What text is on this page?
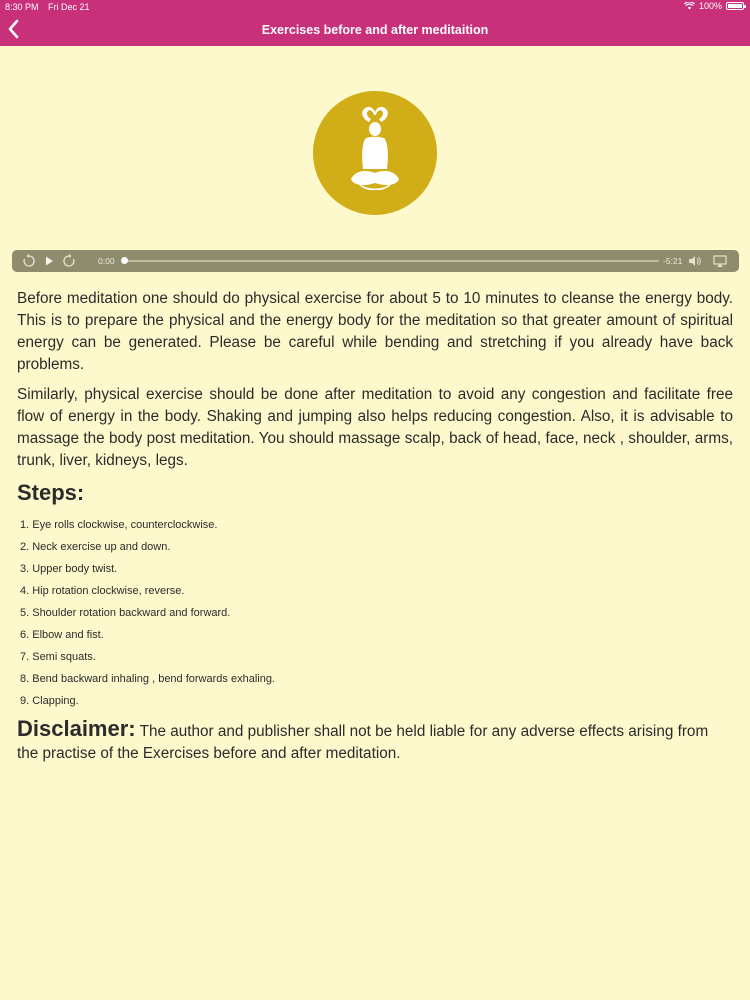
8:30 PM Fri Dec 21	100%
Exercises before and after meditaition
0:00	-5:21

Before meditation one should do physical exercise for about 5 to 10 minutes to cleanse the energy body. This is to prepare the physical and the energy body for the meditation so that greater amount of spiritual energy can be generated. Please be careful while bending and stretching if you already have back problems.

Similarly, physical exercise should be done after meditation to avoid any congestion and facilitate free flow of energy in the body. Shaking and jumping also helps reducing congestion. Also, it is advisable to massage the body post meditation. You should massage scalp, back of head, face, neck , shoulder, arms, trunk, liver, kidneys, legs.

Steps:
1. Eye rolls clockwise, counterclockwise.
2. Neck exercise up and down.
3. Upper body twist.
4. Hip rotation clockwise, reverse.
5. Shoulder rotation backward and forward.
6. Elbow and fist.
7. Semi squats.
8. Bend backward inhaling , bend forwards exhaling.
9. Clapping.
Disclaimer: The author and publisher shall not be held liable for any adverse effects arising from the practise of the Exercises before and after meditation.
